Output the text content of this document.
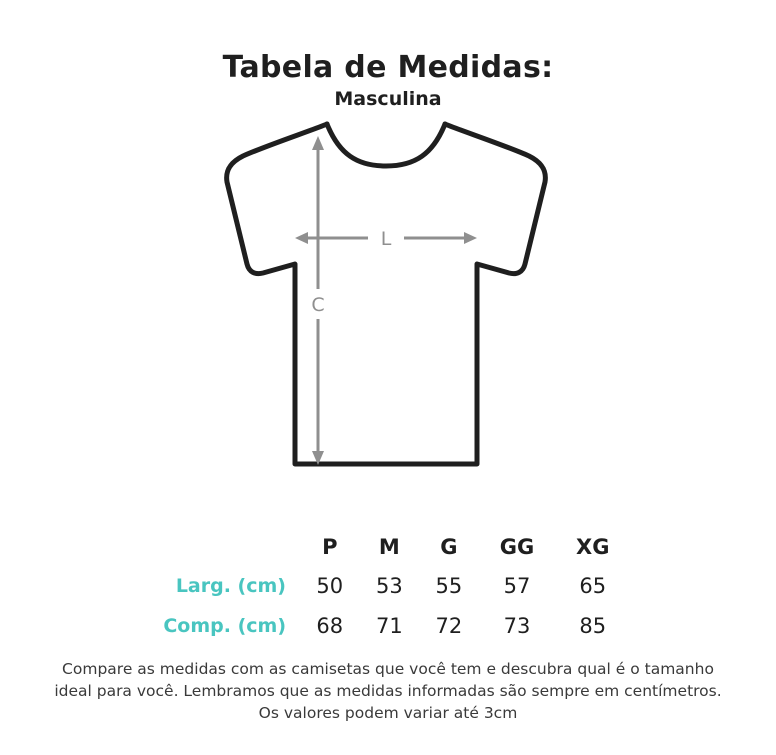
Tabela de Medidas:
Masculina
L
C
	P	M	G	GG	XG
Larg. (cm)	50	53	55	57	65
Comp. (cm)	68	71	72	73	85
Compare as medidas com as camisetas que você tem e descubra qual é o tamanho
ideal para você. Lembramos que as medidas informadas são sempre em centímetros.
Os valores podem variar até 3cm
